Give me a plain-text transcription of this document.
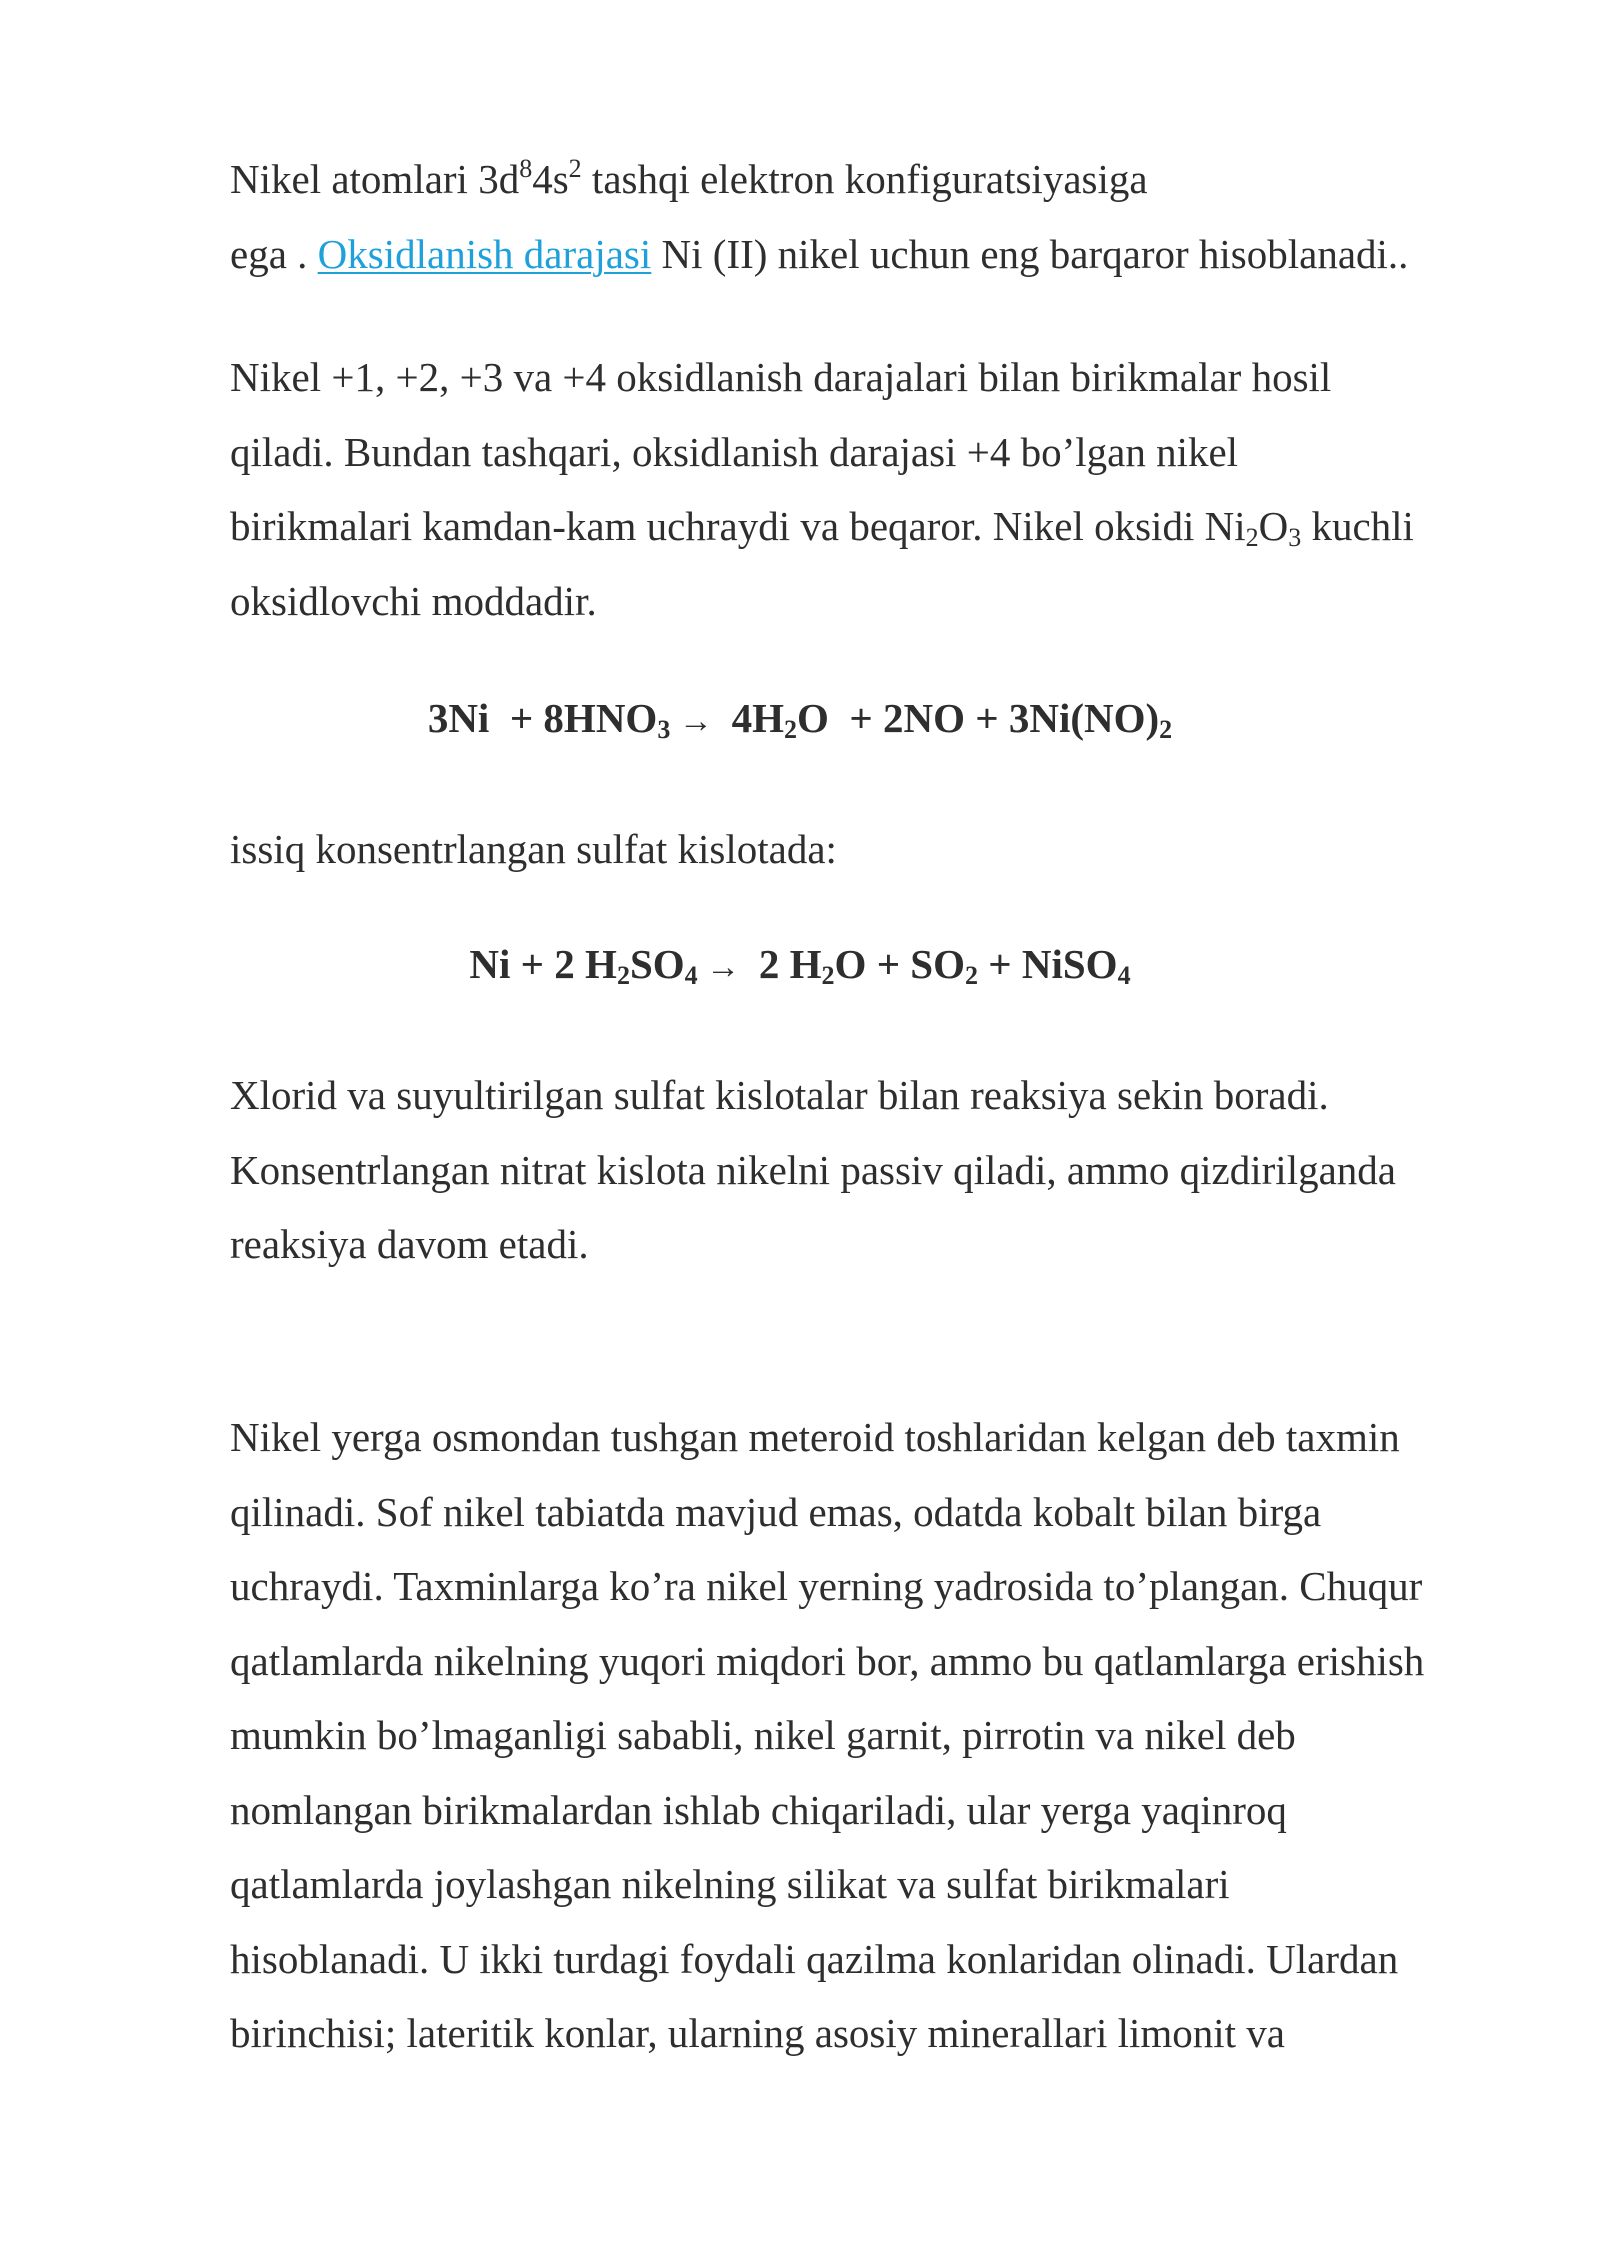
Nikel atomlari $3d^84s^2$ tashqi elektron konfiguratsiyasiga
ega . Oksidlanish darajasi Ni (II) nikel uchun eng barqaror hisoblanadi..

Nikel +1, +2, +3 va +4 oksidlanish darajalari bilan birikmalar hosil
qiladi. Bundan tashqari, oksidlanish darajasi +4 bo’lgan nikel
birikmalari kamdan-kam uchraydi va beqaror. Nikel oksidi $Ni_2O_3$ kuchli
oksidlovchi moddadir.

$3Ni + 8HNO_3 \to 4H_2O + 2NO + 3Ni(NO)_2$

issiq konsentrlangan sulfat kislotada:

Ni + 2 $H_2SO_4 \to 2$ $H_2O + SO_2$ + NiSO$_4$

Xlorid va suyultirilgan sulfat kislotalar bilan reaksiya sekin boradi.
Konsentrlangan nitrat kislota nikelni passiv qiladi, ammo qizdirilganda
reaksiya davom etadi.

Nikel yerga osmondan tushgan meteroid toshlaridan kelgan deb taxmin
qilinadi. Sof nikel tabiatda mavjud emas, odatda kobalt bilan birga
uchraydi. Taxminlarga ko’ra nikel yerning yadrosida to’plangan. Chuqur
qatlamlarda nikelning yuqori miqdori bor, ammo bu qatlamlarga erishish
mumkin bo’lmaganligi sababli, nikel garnit, pirrotin va nikel deb
nomlangan birikmalardan ishlab chiqariladi, ular yerga yaqinroq
qatlamlarda joylashgan nikelning silikat va sulfat birikmalari
hisoblanadi. U ikki turdagi foydali qazilma konlaridan olinadi. Ulardan
birinchisi; lateritik konlar, ularning asosiy minerallari limonit va
